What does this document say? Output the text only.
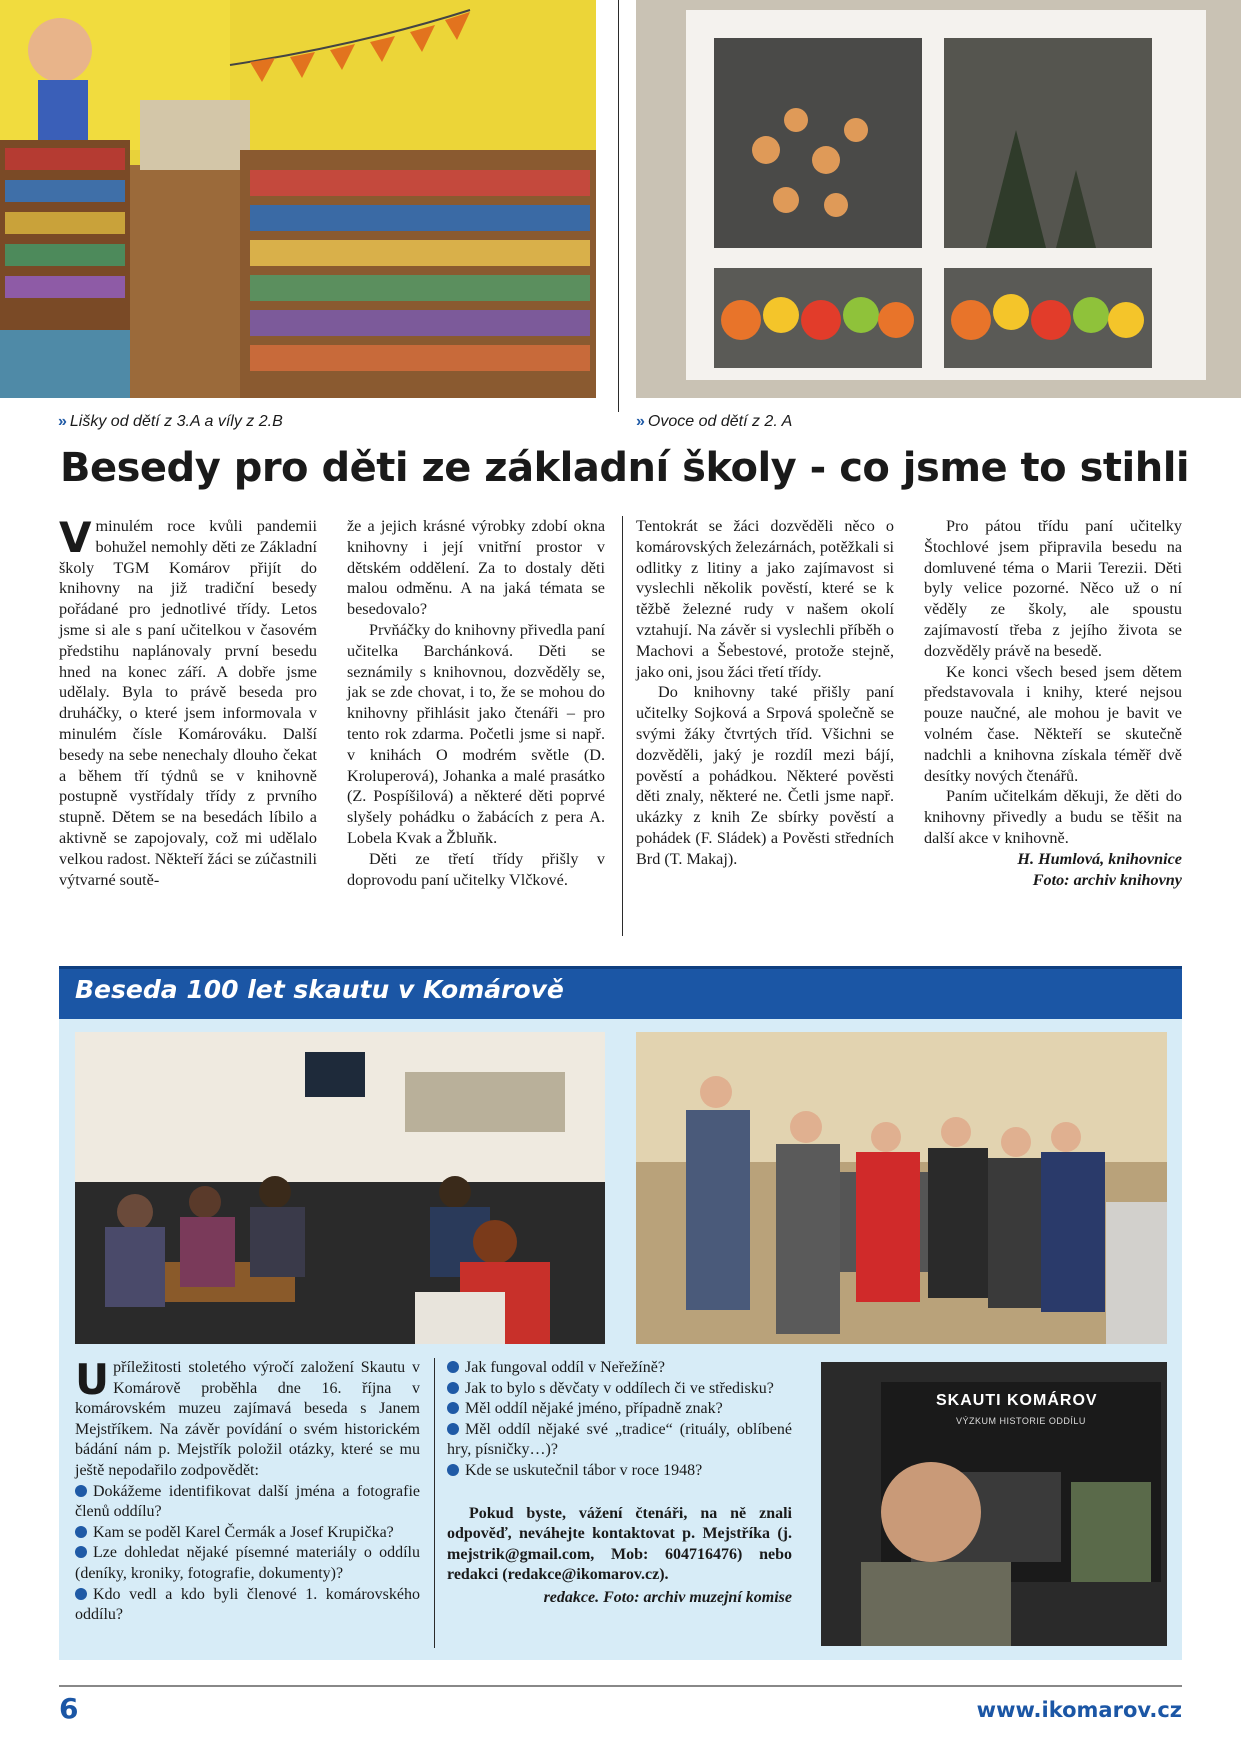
» Lišky od dětí z 3.A a víly z 2.B	» Ovoce od dětí z 2. A
Besedy pro děti ze základní školy - co jsme to stihli

Vminulém roce kvůli pandemii bohužel nemohly děti ze Základní školy TGM Komárov přijít do knihovny na již tradiční besedy pořádané pro jednotlivé třídy. Letos jsme si ale s paní učitelkou v časovém předstihu naplánovaly první besedu hned na konec září. A dobře jsme udělaly. Byla to právě beseda pro druháčky, o které jsem informovala v minulém čísle Komárováku. Další besedy na sebe nenechaly dlouho čekat a během tří týdnů se v knihovně postupně vystřídaly třídy z prvního stupně. Dětem se na besedách líbilo a aktivně se zapojovaly, což mi udělalo velkou radost. Někteří žáci se zúčastnili výtvarné soutě-

že a jejich krásné výrobky zdobí okna knihovny i její vnitřní prostor v dětském oddělení. Za to dostaly děti malou odměnu. A na jaká témata se besedovalo?

Prvňáčky do knihovny přivedla paní učitelka Barchánková. Děti se seznámily s knihovnou, dozvěděly se, jak se zde chovat, i to, že se mohou do knihovny přihlásit jako čtenáři – pro tento rok zdarma. Početli jsme si např. v knihách O modrém světle (D. Kroluperová), Johanka a malé prasátko (Z. Pospíšilová) a některé děti poprvé slyšely pohádku o žabácích z pera A. Lobela Kvak a Žbluňk.

Děti ze třetí třídy přišly v doprovodu paní učitelky Vlčkové.

Tentokrát se žáci dozvěděli něco o komárovských železárnách, potěžkali si odlitky z litiny a jako zajímavost si vyslechli několik pověstí, které se k těžbě železné rudy v našem okolí vztahují. Na závěr si vyslechli příběh o Machovi a Šebestové, protože stejně, jako oni, jsou žáci třetí třídy.

Do knihovny také přišly paní učitelky Sojková a Srpová společně se svými žáky čtvrtých tříd. Všichni se dozvěděli, jaký je rozdíl mezi bájí, pověstí a pohádkou. Některé pověsti děti znaly, některé ne. Četli jsme např. ukázky z knih Ze sbírky pověstí a pohádek (F. Sládek) a Pověsti středních Brd (T. Makaj).

Pro pátou třídu paní učitelky Štochlové jsem připravila besedu na domluvené téma o Marii Terezii. Děti byly velice pozorné. Něco už o ní věděly ze školy, ale spoustu zajímavostí třeba z jejího života se dozvěděly právě na besedě.

Ke konci všech besed jsem dětem představovala i knihy, které nejsou pouze naučné, ale mohou je bavit ve volném čase. Někteří se skutečně nadchli a knihovna získala téměř dvě desítky nových čtenářů.

Paním učitelkám děkuji, že děti do knihovny přivedly a budu se těšit na další akce v knihovně.

H. Humlová, knihovnice

Foto: archiv knihovny

Beseda 100 let skautu v Komárově

Upříležitosti stoletého výročí založení Skautu v Komárově proběhla dne 16. října v komárovském muzeu zajímavá beseda s Janem Mejstříkem. Na závěr povídání o svém historickém bádání nám p. Mejstřík položil otázky, které se mu ještě nepodařilo zodpovědět:

Dokážeme identifikovat další jména a fotografie členů oddílu?

Kam se poděl Karel Čermák a Josef Krupička?

Lze dohledat nějaké písemné materiály o oddílu (deníky, kroniky, fotografie, dokumenty)?

Kdo vedl a kdo byli členové 1. komárovského oddílu?

Jak fungoval oddíl v Neřežíně?

Jak to bylo s děvčaty v oddílech či ve středisku?

Měl oddíl nějaké jméno, případně znak?

Měl oddíl nějaké své „tradice“ (rituály, oblíbené hry, písničky…)?

Kde se uskutečnil tábor v roce 1948?

Pokud byste, vážení čtenáři, na ně znali odpověď, neváhejte kontaktovat p. Mejstříka (j. mejstrik@gmail.com, Mob: 604716476) nebo redakci (redakce@ikomarov.cz).

redakce. Foto: archiv muzejní komise

SKAUTI KOMÁROV
VÝZKUM HISTORIE ODDÍLU
6	www.ikomarov.cz
